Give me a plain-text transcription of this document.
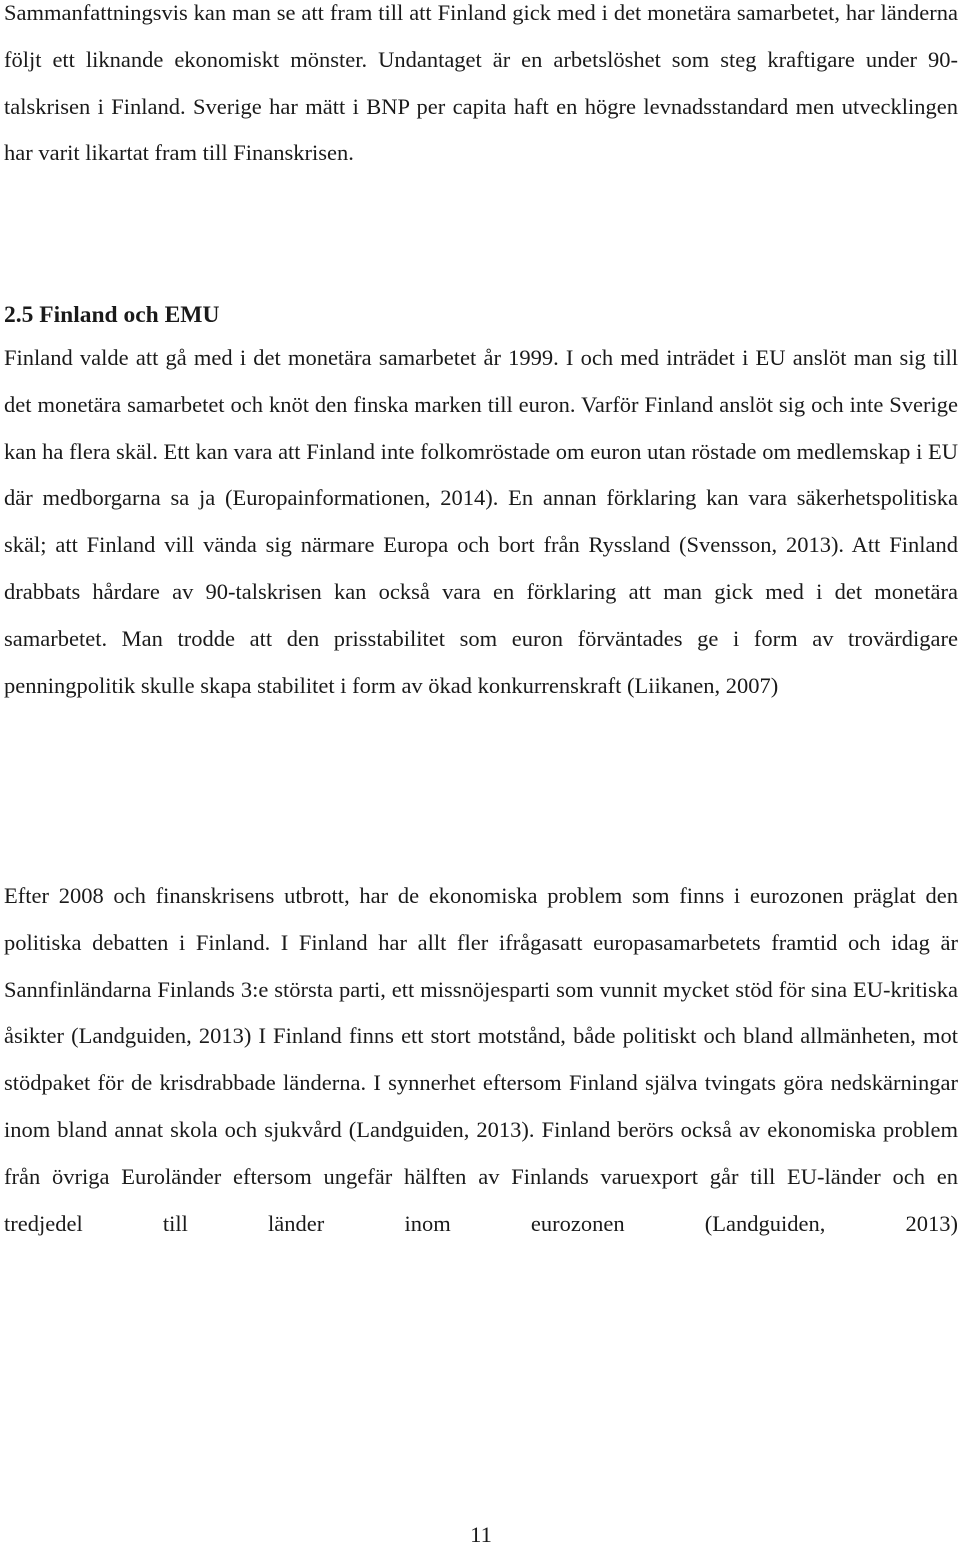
Sammanfattningsvis kan man se att fram till att Finland gick med i det monetära samarbetet, har länderna följt ett liknande ekonomiskt mönster. Undantaget är en arbetslöshet som steg kraftigare under 90-talskrisen i Finland. Sverige har mätt i BNP per capita haft en högre levnadsstandard men utvecklingen har varit likartat fram till Finanskrisen.

2.5 Finland och EMU

Finland valde att gå med i det monetära samarbetet år 1999. I och med inträdet i EU anslöt man sig till det monetära samarbetet och knöt den finska marken till euron. Varför Finland anslöt sig och inte Sverige kan ha flera skäl. Ett kan vara att Finland inte folkomröstade om euron utan röstade om medlemskap i EU där medborgarna sa ja (Europainformationen, 2014). En annan förklaring kan vara säkerhetspolitiska skäl; att Finland vill vända sig närmare Europa och bort från Ryssland (Svensson, 2013). Att Finland drabbats hårdare av 90-talskrisen kan också vara en förklaring att man gick med i det monetära samarbetet. Man trodde att den prisstabilitet som euron förväntades ge i form av trovärdigare penningpolitik skulle skapa stabilitet i form av ökad konkurrenskraft (Liikanen, 2007)

Efter 2008 och finanskrisens utbrott, har de ekonomiska problem som finns i eurozonen präglat den politiska debatten i Finland. I Finland har allt fler ifrågasatt europasamarbetets framtid och idag är Sannfinländarna Finlands 3:e största parti, ett missnöjesparti som vunnit mycket stöd för sina EU-kritiska åsikter (Landguiden, 2013) I Finland finns ett stort motstånd, både politiskt och bland allmänheten, mot stödpaket för de krisdrabbade länderna. I synnerhet eftersom Finland själva tvingats göra nedskärningar inom bland annat skola och sjukvård (Landguiden, 2013). Finland berörs också av ekonomiska problem från övriga Euroländer eftersom ungefär hälften av Finlands varuexport går till EU-länder och en tredjedel till länder inom eurozonen (Landguiden, 2013)

11
